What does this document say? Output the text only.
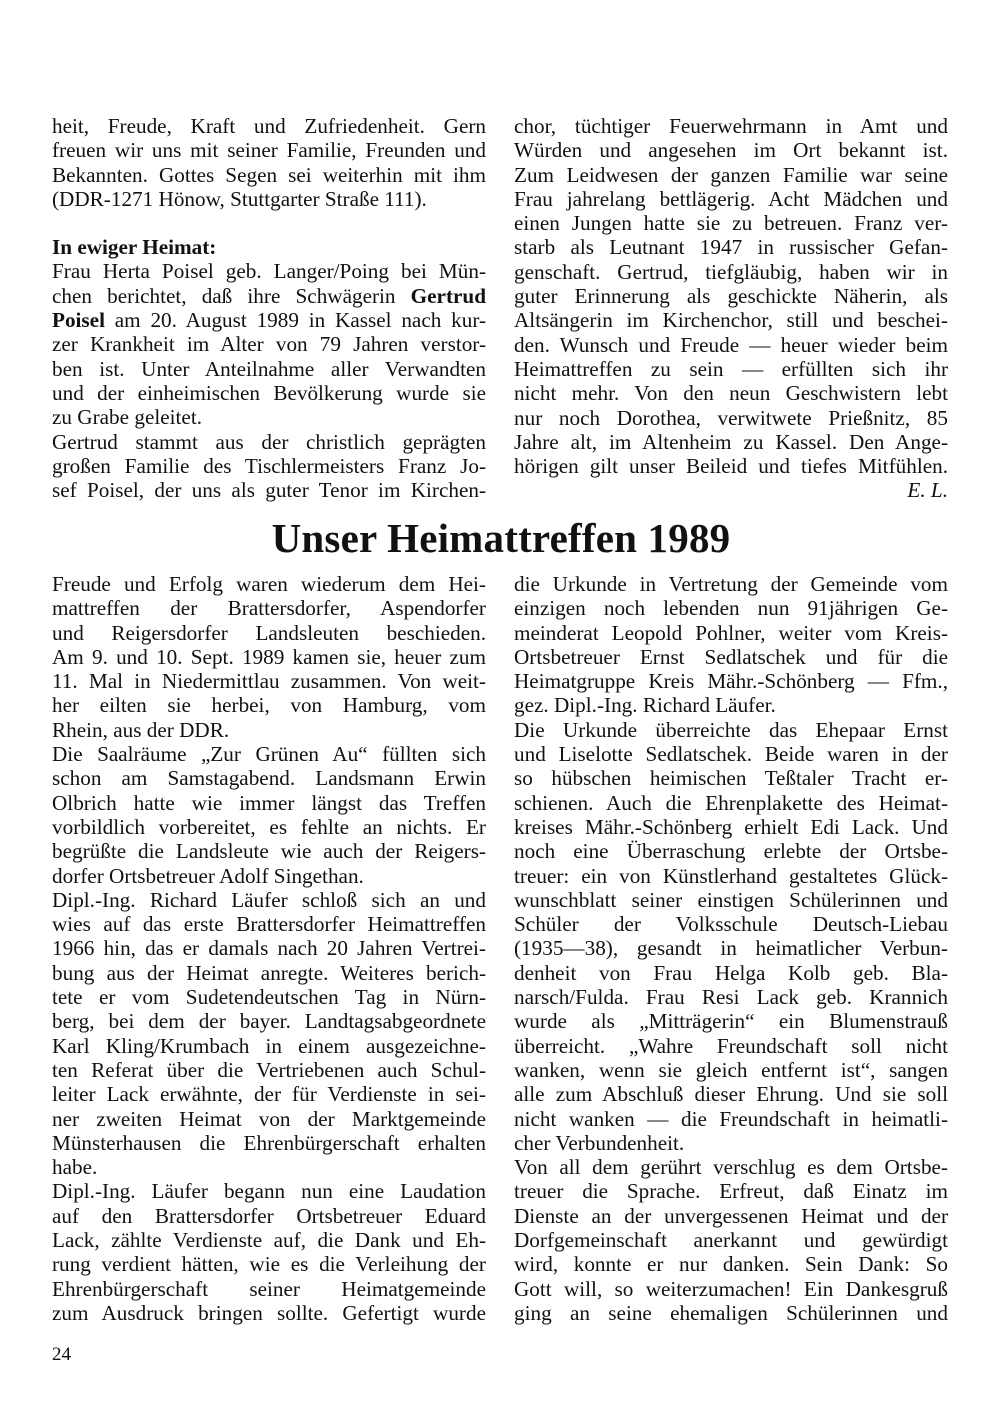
heit, Freude, Kraft und Zufriedenheit. Gern
freuen wir uns mit seiner Familie, Freunden und
Bekannten. Gottes Segen sei weiterhin mit ihm
(DDR-1271 Hönow, Stuttgarter Straße 111).
In ewiger Heimat:
Frau Herta Poisel geb. Langer/Poing bei Mün-
chen berichtet, daß ihre Schwägerin Gertrud
Poisel am 20. August 1989 in Kassel nach kur-
zer Krankheit im Alter von 79 Jahren verstor-
ben ist. Unter Anteilnahme aller Verwandten
und der einheimischen Bevölkerung wurde sie
zu Grabe geleitet.
Gertrud stammt aus der christlich geprägten
großen Familie des Tischlermeisters Franz Jo-
sef Poisel, der uns als guter Tenor im Kirchen-
chor, tüchtiger Feuerwehrmann in Amt und
Würden und angesehen im Ort bekannt ist.
Zum Leidwesen der ganzen Familie war seine
Frau jahrelang bettlägerig. Acht Mädchen und
einen Jungen hatte sie zu betreuen. Franz ver-
starb als Leutnant 1947 in russischer Gefan-
genschaft. Gertrud, tiefgläubig, haben wir in
guter Erinnerung als geschickte Näherin, als
Altsängerin im Kirchenchor, still und beschei-
den. Wunsch und Freude — heuer wieder beim
Heimattreffen zu sein — erfüllten sich ihr
nicht mehr. Von den neun Geschwistern lebt
nur noch Dorothea, verwitwete Prießnitz, 85
Jahre alt, im Altenheim zu Kassel. Den Ange-
hörigen gilt unser Beileid und tiefes Mitfühlen.
E. L.
Unser Heimattreffen 1989
Freude und Erfolg waren wiederum dem Hei-
mattreffen der Brattersdorfer, Aspendorfer
und Reigersdorfer Landsleuten beschieden.
Am 9. und 10. Sept. 1989 kamen sie, heuer zum
11. Mal in Niedermittlau zusammen. Von weit-
her eilten sie herbei, von Hamburg, vom
Rhein, aus der DDR.
Die Saalräume „Zur Grünen Au“ füllten sich
schon am Samstagabend. Landsmann Erwin
Olbrich hatte wie immer längst das Treffen
vorbildlich vorbereitet, es fehlte an nichts. Er
begrüßte die Landsleute wie auch der Reigers-
dorfer Ortsbetreuer Adolf Singethan.
Dipl.-Ing. Richard Läufer schloß sich an und
wies auf das erste Brattersdorfer Heimattreffen
1966 hin, das er damals nach 20 Jahren Vertrei-
bung aus der Heimat anregte. Weiteres berich-
tete er vom Sudetendeutschen Tag in Nürn-
berg, bei dem der bayer. Landtagsabgeordnete
Karl Kling/Krumbach in einem ausgezeichne-
ten Referat über die Vertriebenen auch Schul-
leiter Lack erwähnte, der für Verdienste in sei-
ner zweiten Heimat von der Marktgemeinde
Münsterhausen die Ehrenbürgerschaft erhalten
habe.
Dipl.-Ing. Läufer begann nun eine Laudation
auf den Brattersdorfer Ortsbetreuer Eduard
Lack, zählte Verdienste auf, die Dank und Eh-
rung verdient hätten, wie es die Verleihung der
Ehrenbürgerschaft seiner Heimatgemeinde
zum Ausdruck bringen sollte. Gefertigt wurde
die Urkunde in Vertretung der Gemeinde vom
einzigen noch lebenden nun 91jährigen Ge-
meinderat Leopold Pohlner, weiter vom Kreis-
Ortsbetreuer Ernst Sedlatschek und für die
Heimatgruppe Kreis Mähr.-Schönberg — Ffm.,
gez. Dipl.-Ing. Richard Läufer.
Die Urkunde überreichte das Ehepaar Ernst
und Liselotte Sedlatschek. Beide waren in der
so hübschen heimischen Teßtaler Tracht er-
schienen. Auch die Ehrenplakette des Heimat-
kreises Mähr.-Schönberg erhielt Edi Lack. Und
noch eine Überraschung erlebte der Ortsbe-
treuer: ein von Künstlerhand gestaltetes Glück-
wunschblatt seiner einstigen Schülerinnen und
Schüler der Volksschule Deutsch-Liebau
(1935—38), gesandt in heimatlicher Verbun-
denheit von Frau Helga Kolb geb. Bla-
narsch/Fulda. Frau Resi Lack geb. Krannich
wurde als „Mitträgerin“ ein Blumenstrauß
überreicht. „Wahre Freundschaft soll nicht
wanken, wenn sie gleich entfernt ist“, sangen
alle zum Abschluß dieser Ehrung. Und sie soll
nicht wanken — die Freundschaft in heimatli-
cher Verbundenheit.
Von all dem gerührt verschlug es dem Ortsbe-
treuer die Sprache. Erfreut, daß Einatz im
Dienste an der unvergessenen Heimat und der
Dorfgemeinschaft anerkannt und gewürdigt
wird, konnte er nur danken. Sein Dank: So
Gott will, so weiterzumachen! Ein Dankesgruß
ging an seine ehemaligen Schülerinnen und
24
